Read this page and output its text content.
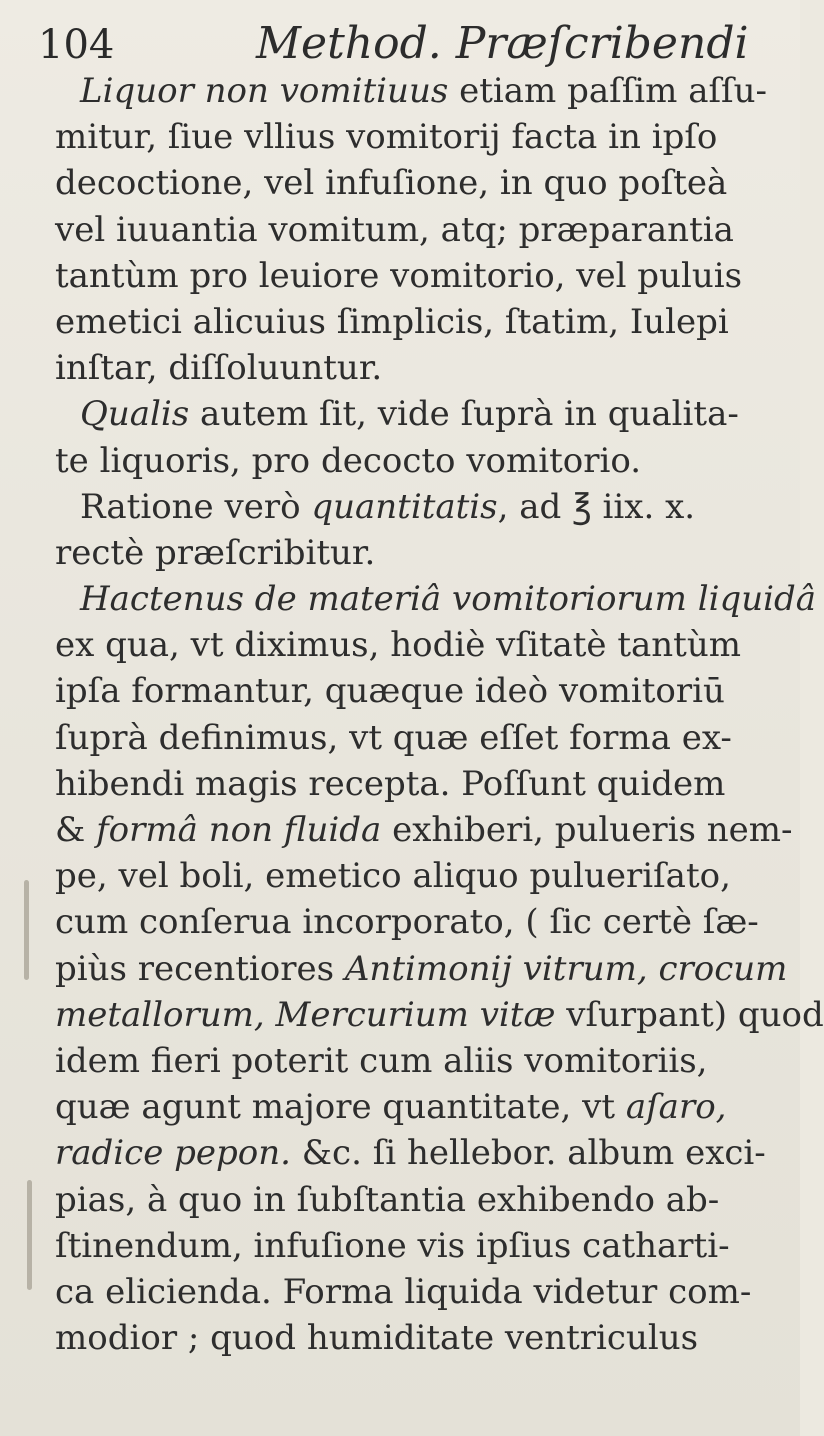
104	Method. Præſcribendi
Liquor non vomitiuus etiam paſſim aſſu-
mitur, ſiue vllius vomitorij facta in ipſo
decoctione, vel infuſione, in quo poſteà
vel iuuantia vomitum, atq; præparantia
tantùm pro leuiore vomitorio, vel puluis
emetici alicuius ſimplicis, ſtatim, Iulepi
inſtar, diſſoluuntur.
Qualis autem ſit, vide ſuprà in qualita-
te liquoris, pro decocto vomitorio.
Ratione verò quantitatis, ad ℥ iix. x.
rectè præſcribitur.
Hactenus de materiâ vomitoriorum liquidâ
ex qua, vt diximus, hodiè vſitatè tantùm
ipſa formantur, quæque ideò vomitoriū
ſuprà definimus, vt quæ eſſet forma ex-
hibendi magis recepta. Poſſunt quidem
& formâ non fluida exhiberi, pulueris nem-
pe, vel boli, emetico aliquo pulueriſato,
cum conſerua incorporato, ( ſic certè ſæ-
piùs recentiores Antimonij vitrum, crocum
metallorum, Mercurium vitæ vſurpant) quod
idem fieri poterit cum aliis vomitoriis,
quæ agunt majore quantitate, vt aſaro,
radice pepon. &c. ſi hellebor. album exci-
pias, à quo in ſubſtantia exhibendo ab-
ſtinendum, infuſione vis ipſius catharti-
ca elicienda. Forma liquida videtur com-
modior ; quod humiditate ventriculus
